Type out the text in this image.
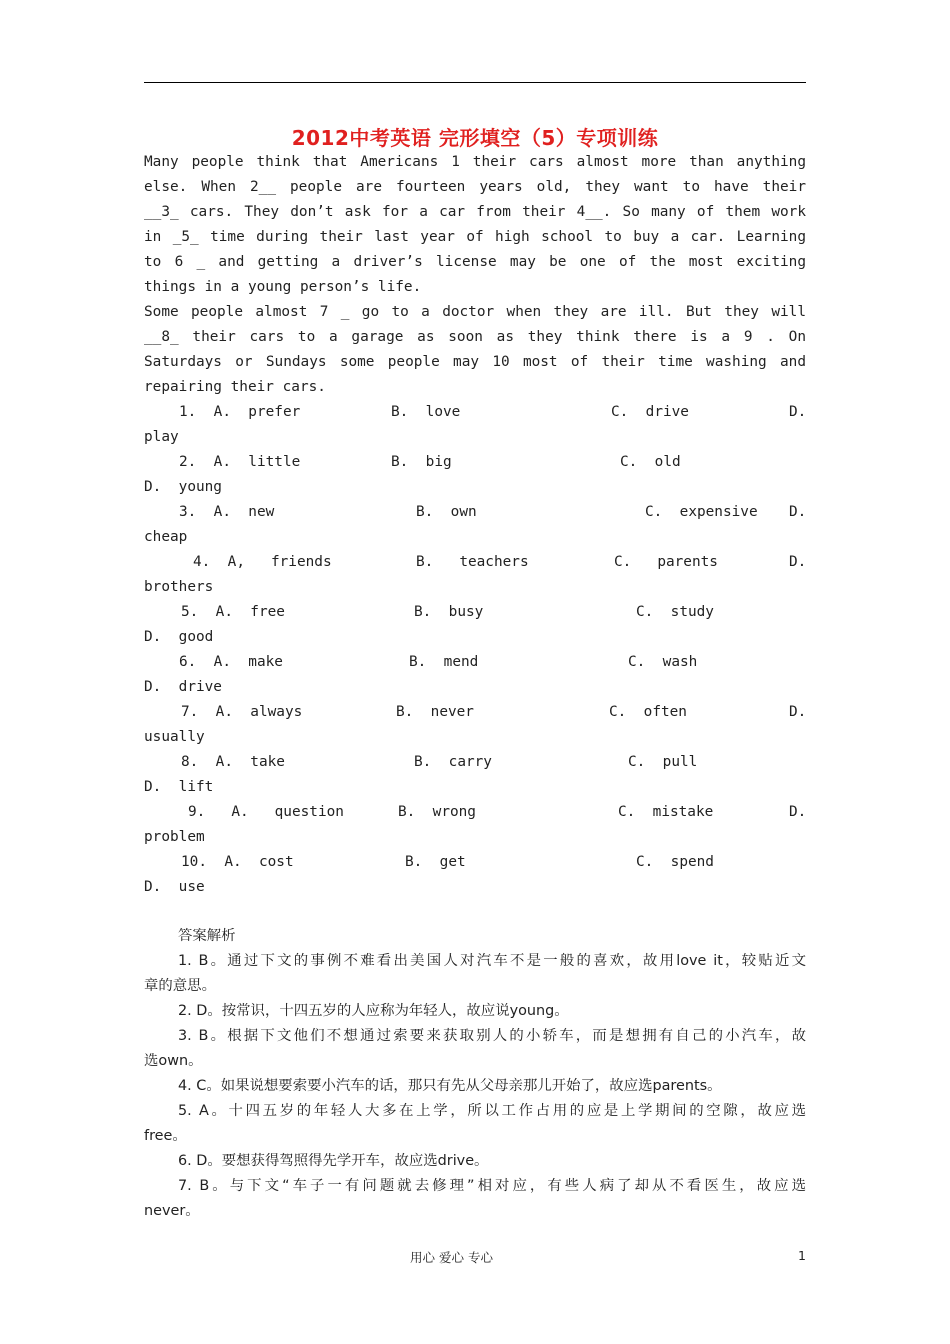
2012中考英语 完形填空（5）专项训练
Many people think that Americans 1 their cars almost more than anything
else. When 2__ people are fourteen years old, they want to have their
__3_ cars. They don’t ask for a car from their 4__. So many of them work
in _5_ time during their last year of high school to buy a car. Learning
to 6 _ and getting a driver’s license may be one of the most exciting
things in a young person’s life.
Some people almost 7 _ go to a doctor when they are ill. But they will
__8_ their cars to a garage as soon as they think there is a 9 . On
Saturdays or Sundays some people may 10 most of their time washing and
repairing their cars.
1.  A.  prefer	B.  love	C.  drive	D.
play
2.  A.  little	B.  big	C.  old
D.  young
3.  A.  new	B.  own	C.  expensive D.
cheap
4.  A,   friends	B.   teachers	C.   parents	D.
brothers
5.  A.  free	B.  busy	C.  study
D.  good
6.  A.  make	B.  mend	C.  wash
D.  drive
7.  A.  always	B.  never	C.  often	D.
usually
8.  A.  take	B.  carry	C.  pull
D.  lift
9.   A.   question	B.  wrong	C.  mistake	D.
problem
10.  A.  cost	B.  get	C.  spend
D.  use
答案解析
1. B。通过下文的事例不难看出美国人对汽车不是一般的喜欢，故用love it，较贴近文
章的意思。
2. D。按常识，十四五岁的人应称为年轻人，故应说young。
3. B。根据下文他们不想通过索要来获取别人的小轿车，而是想拥有自己的小汽车，故
选own。
4. C。如果说想要索要小汽车的话，那只有先从父母亲那儿开始了，故应选parents。
5. A。十四五岁的年轻人大多在上学，所以工作占用的应是上学期间的空隙，故应选
free。
6. D。要想获得驾照得先学开车，故应选drive。
7. B。与下文“车子一有问题就去修理”相对应，有些人病了却从不看医生，故应选
never。
用心 爱心 专心	1
